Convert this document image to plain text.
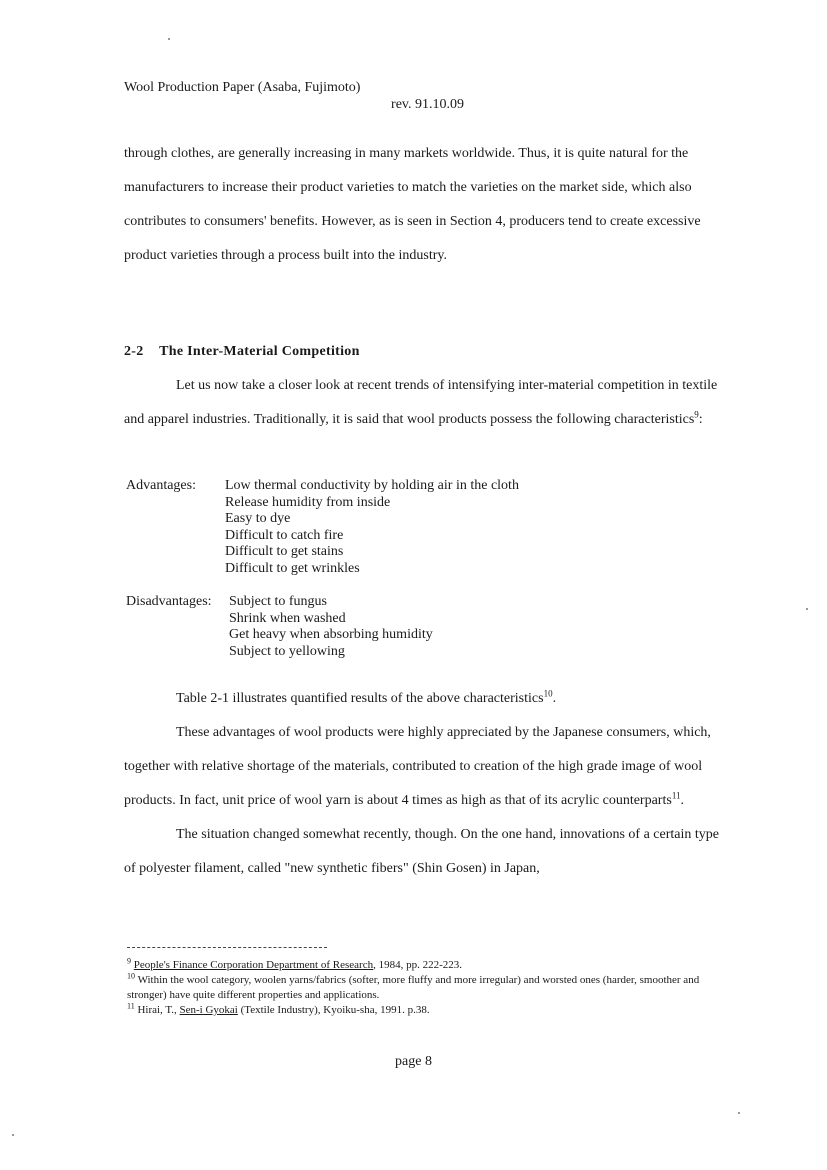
Wool Production Paper (Asaba, Fujimoto)
rev. 91.10.09

through clothes, are generally increasing in many markets worldwide. Thus, it is quite natural for the manufacturers to increase their product varieties to match the varieties on the market side, which also contributes to consumers' benefits. However, as is seen in Section 4, producers tend to create excessive product varieties through a process built into the industry.

2-2 The Inter-Material Competition

Let us now take a closer look at recent trends of intensifying inter-material competition in textile and apparel industries. Traditionally, it is said that wool products possess the following characteristics$^9$:

Advantages:	Low thermal conductivity by holding air in the cloth
Release humidity from inside
Easy to dye
Difficult to catch fire
Difficult to get stains
Difficult to get wrinkles
Disadvantages:	Subject to fungus
Shrink when washed
Get heavy when absorbing humidity
Subject to yellowing

Table 2-1 illustrates quantified results of the above characteristics$^{10}$.

These advantages of wool products were highly appreciated by the Japanese consumers, which, together with relative shortage of the materials, contributed to creation of the high grade image of wool products. In fact, unit price of wool yarn is about 4 times as high as that of its acrylic counterparts$^{11}$.

The situation changed somewhat recently, though. On the one hand, innovations of a certain type of polyester filament, called "new synthetic fibers" (Shin Gosen) in Japan,

$^9$ People's Finance Corporation Department of Research, 1984, pp. 222-223.
$^{10}$ Within the wool category, woolen yarns/fabrics (softer, more fluffy and more irregular) and worsted ones (harder, smoother and stronger) have quite different properties and applications.
$^{11}$ Hirai, T., Sen-i Gyokai (Textile Industry), Kyoiku-sha, 1991. p.38.
page 8
